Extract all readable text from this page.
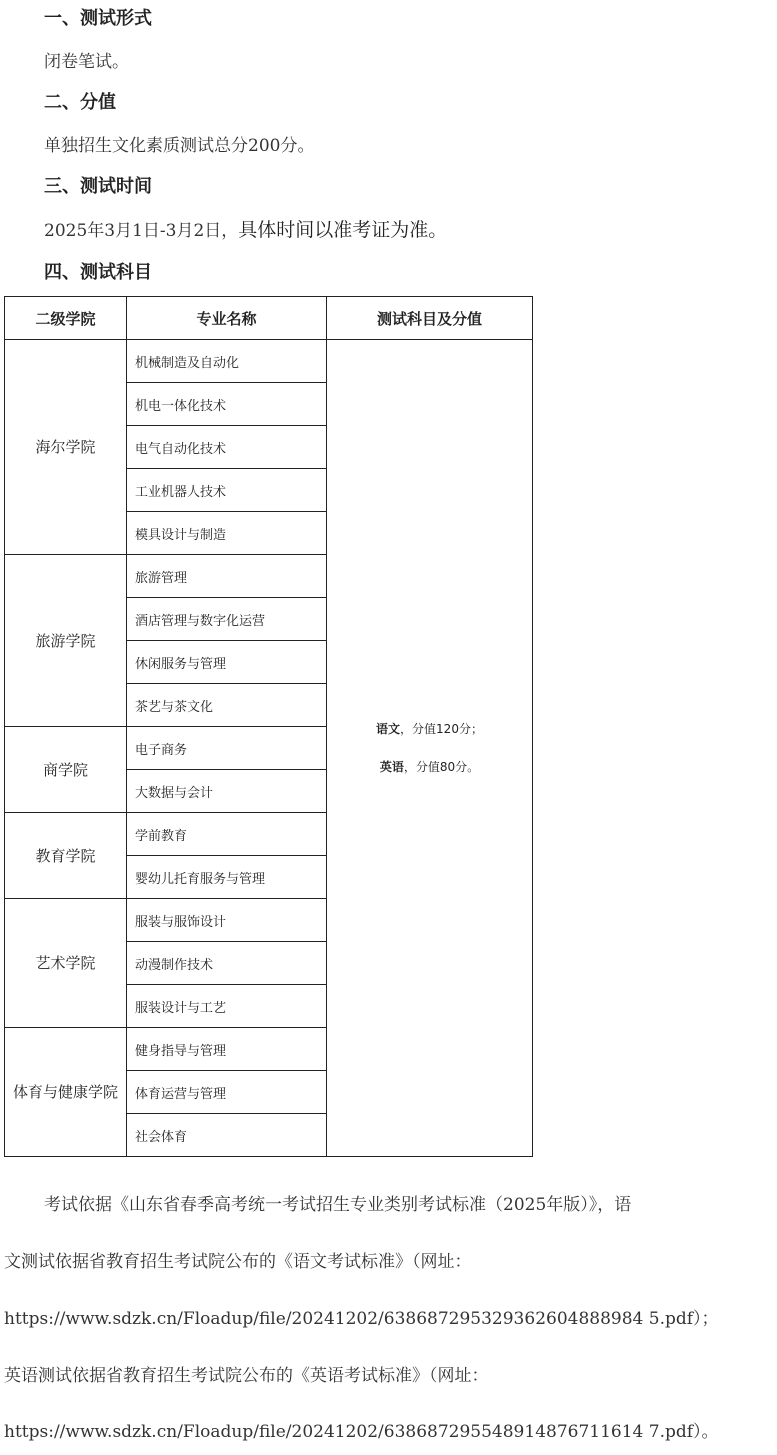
一、测试形式
闭卷笔试。
二、分值
单独招生文化素质测试总分200分。
三、测试时间
2025年3月1日-3月2日，具体时间以准考证为准。
四、测试科目
二级学院	专业名称	测试科目及分值
海尔学院	机械制造及自动化	语文，分值120分；
英语，分值80分。

	机电一体化技术	
	电气自动化技术	
	工业机器人技术	
	模具设计与制造	
旅游学院	旅游管理	
	酒店管理与数字化运营	
	休闲服务与管理	
	茶艺与茶文化	
商学院	电子商务	
	大数据与会计	
教育学院	学前教育	
	婴幼儿托育服务与管理	
艺术学院	服装与服饰设计	
	动漫制作技术	
	服装设计与工艺	
体育与健康学院	健身指导与管理	
	体育运营与管理	
	社会体育	
考试依据《山东省春季高考统一考试招生专业类别考试标准（2025年版）》，语
文测试依据省教育招生考试院公布的《语文考试标准》（网址：
https://www.sdzk.cn/Floadup/file/20241202/638687295329362604888984 5.pdf）；
英语测试依据省教育招生考试院公布的《英语考试标准》（网址：
https://www.sdzk.cn/Floadup/file/20241202/638687295548914876711614 7.pdf）。
